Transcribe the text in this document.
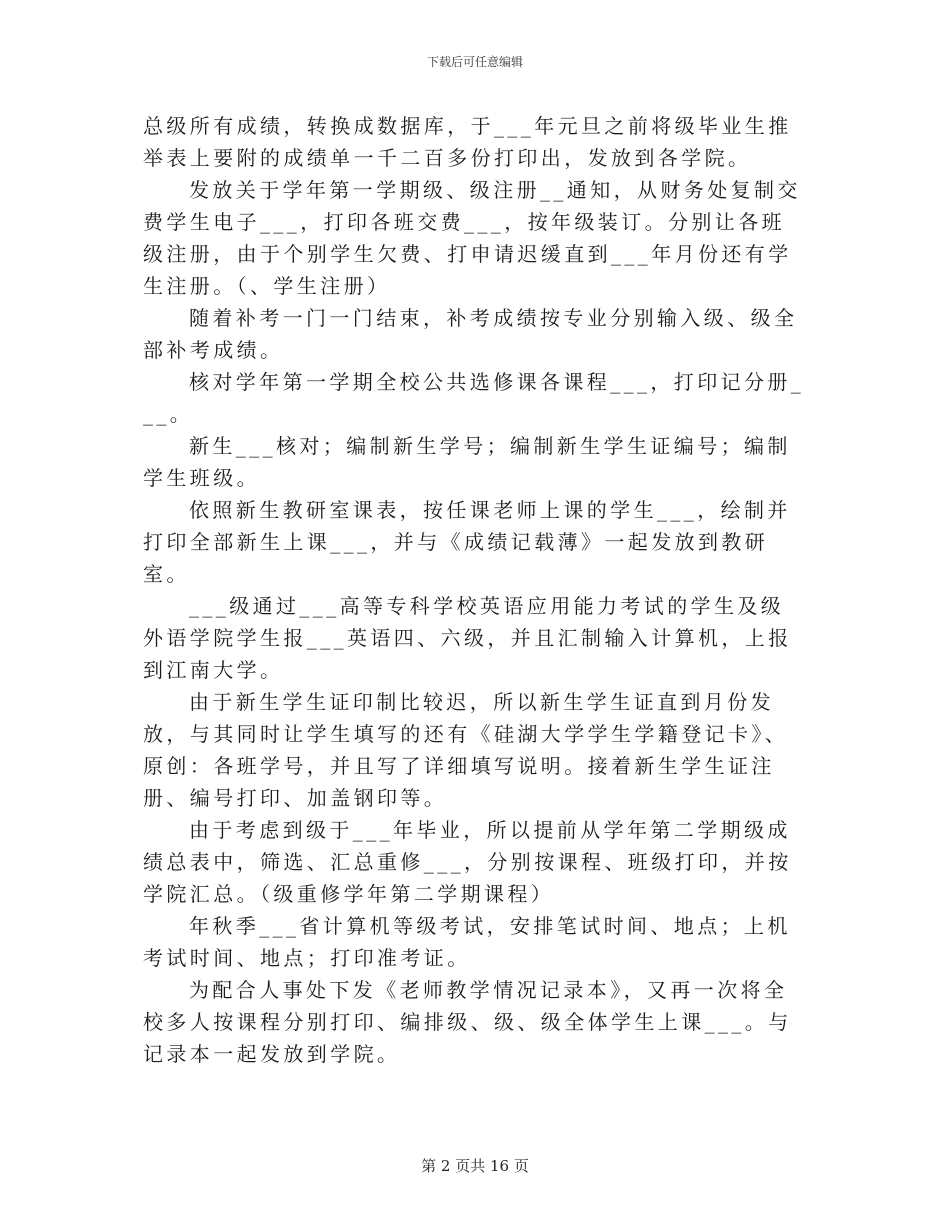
下载后可任意编辑

总级所有成绩，转换成数据库，于___年元旦之前将级毕业生推举表上要附的成绩单一千二百多份打印出，发放到各学院。

发放关于学年第一学期级、级注册__通知，从财务处复制交费学生电子___，打印各班交费___，按年级装订。分别让各班级注册，由于个别学生欠费、打申请迟缓直到___年月份还有学生注册。（、学生注册）

随着补考一门一门结束，补考成绩按专业分别输入级、级全部补考成绩。

核对学年第一学期全校公共选修课各课程___，打印记分册___。

新生___核对；编制新生学号；编制新生学生证编号；编制学生班级。

依照新生教研室课表，按任课老师上课的学生___，绘制并打印全部新生上课___，并与《成绩记载薄》一起发放到教研室。

___级通过___高等专科学校英语应用能力考试的学生及级外语学院学生报___英语四、六级，并且汇制输入计算机，上报到江南大学。

由于新生学生证印制比较迟，所以新生学生证直到月份发放，与其同时让学生填写的还有《硅湖大学学生学籍登记卡》、原创：各班学号，并且写了详细填写说明。接着新生学生证注册、编号打印、加盖钢印等。

由于考虑到级于___年毕业，所以提前从学年第二学期级成绩总表中，筛选、汇总重修___，分别按课程、班级打印，并按学院汇总。（级重修学年第二学期课程）

年秋季___省计算机等级考试，安排笔试时间、地点；上机考试时间、地点；打印准考证。

为配合人事处下发《老师教学情况记录本》，又再一次将全校多人按课程分别打印、编排级、级、级全体学生上课___。与记录本一起发放到学院。

第 2 页共 16 页
